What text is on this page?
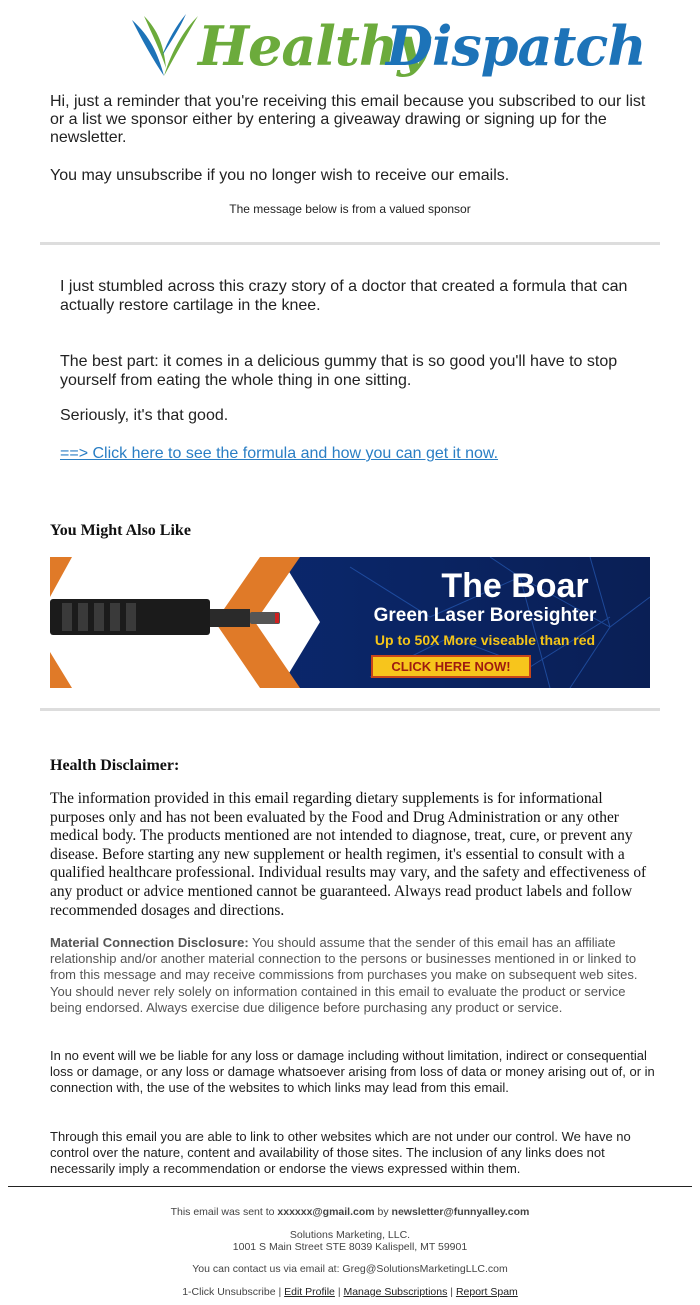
Healthy
Dispatch
Hi, just a reminder that you're receiving this email because you subscribed to our list or a list we sponsor either by entering a giveaway drawing or signing up for the newsletter.
You may unsubscribe if you no longer wish to receive our emails.
The message below is from a valued sponsor
I just stumbled across this crazy story of a doctor that created a formula that can actually restore cartilage in the knee.
The best part: it comes in a delicious gummy that is so good you'll have to stop yourself from eating the whole thing in one sitting.
Seriously, it's that good.
==> Click here to see the formula and how you can get it now.
You Might Also Like
The Boar
Green Laser Boresighter
Up to 50X More viseable than red
CLICK HERE NOW!
Health Disclaimer:
The information provided in this email regarding dietary supplements is for informational purposes only and has not been evaluated by the Food and Drug Administration or any other medical body. The products mentioned are not intended to diagnose, treat, cure, or prevent any disease. Before starting any new supplement or health regimen, it's essential to consult with a qualified healthcare professional. Individual results may vary, and the safety and effectiveness of any product or advice mentioned cannot be guaranteed. Always read product labels and follow recommended dosages and directions.
Material Connection Disclosure: You should assume that the sender of this email has an affiliate relationship and/or another material connection to the persons or businesses mentioned in or linked to from this message and may receive commissions from purchases you make on subsequent web sites. You should never rely solely on information contained in this email to evaluate the product or service being endorsed. Always exercise due diligence before purchasing any product or service.
In no event will we be liable for any loss or damage including without limitation, indirect or consequential loss or damage, or any loss or damage whatsoever arising from loss of data or money arising out of, or in connection with, the use of the websites to which links may lead from this email.
Through this email you are able to link to other websites which are not under our control. We have no control over the nature, content and availability of those sites. The inclusion of any links does not necessarily imply a recommendation or endorse the views expressed within them.
This email was sent to xxxxxx@gmail.com by newsletter@funnyalley.com
Solutions Marketing, LLC.
1001 S Main Street STE 8039 Kalispell, MT 59901
You can contact us via email at: Greg@SolutionsMarketingLLC.com
1-Click Unsubscribe | Edit Profile | Manage Subscriptions | Report Spam
